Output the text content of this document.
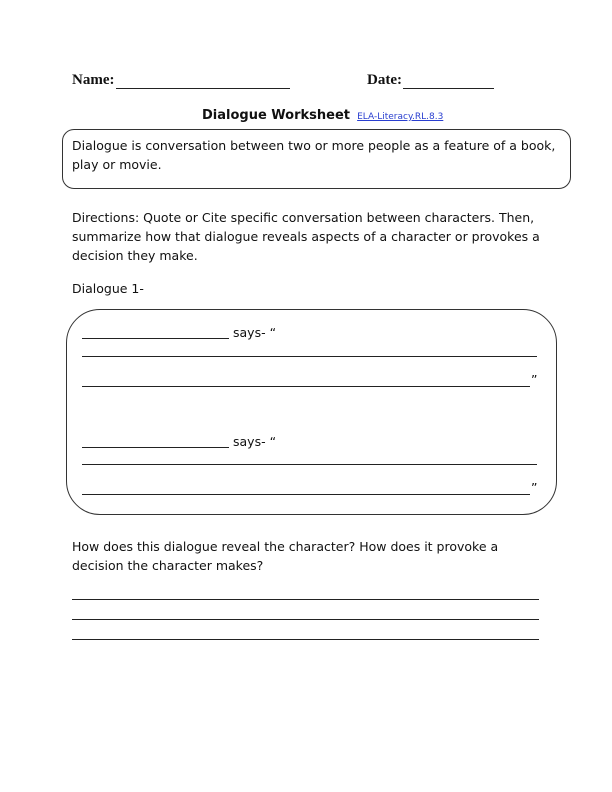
Name:	Date:
Dialogue Worksheet ELA-Literacy.RL.8.3
Dialogue is conversation between two or more people as a feature of a book, play or movie.
Directions: Quote or Cite specific conversation between characters. Then, summarize how that dialogue reveals aspects of a character or provokes a decision they make.
Dialogue 1-
says- “
”
says- “
”
How does this dialogue reveal the character? How does it provoke a decision the character makes?
